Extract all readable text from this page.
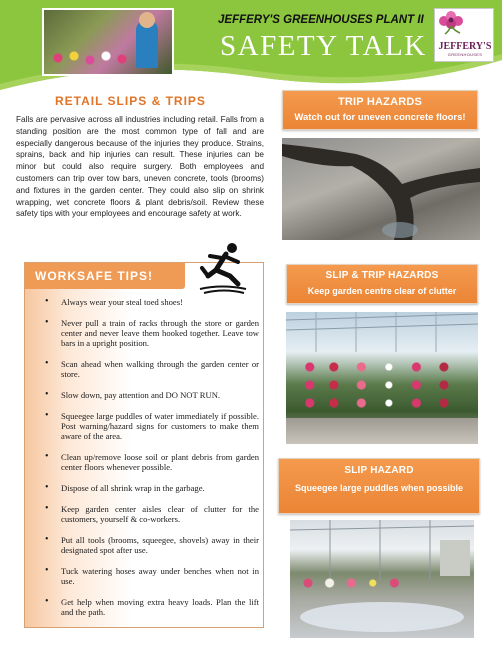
JEFFERY'S GREENHOUSES PLANT II
SAFETY TALK JEFFERY'S
GREENHOUSES
RETAIL SLIPS & TRIPS

Falls are pervasive across all industries including retail. Falls from a standing position are the most common type of fall and are especially dangerous because of the injuries they produce. Strains, sprains, back and hip injuries can result. These injuries can be minor but could also require surgery. Both employees and customers can trip over tow bars, uneven concrete, tools (brooms) and fixtures in the garden center. They could also slip on shrink wrapping, wet concrete floors & plant debris/soil. Review these safety tips with your employees and encourage safety at work.

WORKSAFE TIPS!
• Always wear your steal toed shoes!
• Never pull a train of racks through the store or garden center and never leave them hooked together. Leave tow bars in a upright position.
• Scan ahead when walking through the garden center or store.
• Slow down, pay attention and DO NOT RUN.
• Squeegee large puddles of water immediately if possible. Post warning/hazard signs for customers to make them aware of the area.
• Clean up/remove loose soil or plant debris from garden center floors whenever possible.
• Dispose of all shrink wrap in the garbage.
• Keep garden center aisles clear of clutter for the customers, yourself & co-workers.
• Put all tools (brooms, squeegee, shovels) away in their designated spot after use.
• Tuck watering hoses away under benches when not in use.
• Get help when moving extra heavy loads. Plan the lift and the path.
TRIP HAZARDS
Watch out for uneven concrete floors!
SLIP & TRIP HAZARDS
Keep garden centre clear of clutter
SLIP HAZARD
Squeegee large puddles when possible
